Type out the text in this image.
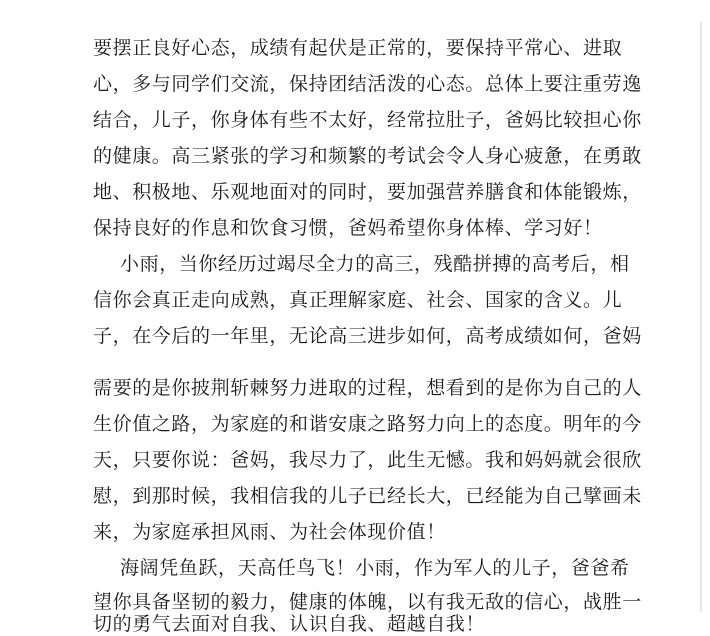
要摆正良好心态，成绩有起伏是正常的，要保持平常心、进取
心，多与同学们交流，保持团结活泼的心态。总体上要注重劳逸
结合，儿子，你身体有些不太好，经常拉肚子，爸妈比较担心你
的健康。高三紧张的学习和频繁的考试会令人身心疲惫，在勇敢
地、积极地、乐观地面对的同时，要加强营养膳食和体能锻炼，
保持良好的作息和饮食习惯，爸妈希望你身体棒、学习好！
小雨，当你经历过竭尽全力的高三，残酷拼搏的高考后，相
信你会真正走向成熟，真正理解家庭、社会、国家的含义。儿
子，在今后的一年里，无论高三进步如何，高考成绩如何，爸妈
需要的是你披荆斩棘努力进取的过程，想看到的是你为自己的人
生价值之路，为家庭的和谐安康之路努力向上的态度。明年的今
天，只要你说：爸妈，我尽力了，此生无憾。我和妈妈就会很欣
慰，到那时候，我相信我的儿子已经长大，已经能为自己擘画未
来，为家庭承担风雨、为社会体现价值！
海阔凭鱼跃，天高任鸟飞！小雨，作为军人的儿子，爸爸希
望你具备坚韧的毅力，健康的体魄，以有我无敌的信心，战胜一
切的勇气去面对自我、认识自我、超越自我！
